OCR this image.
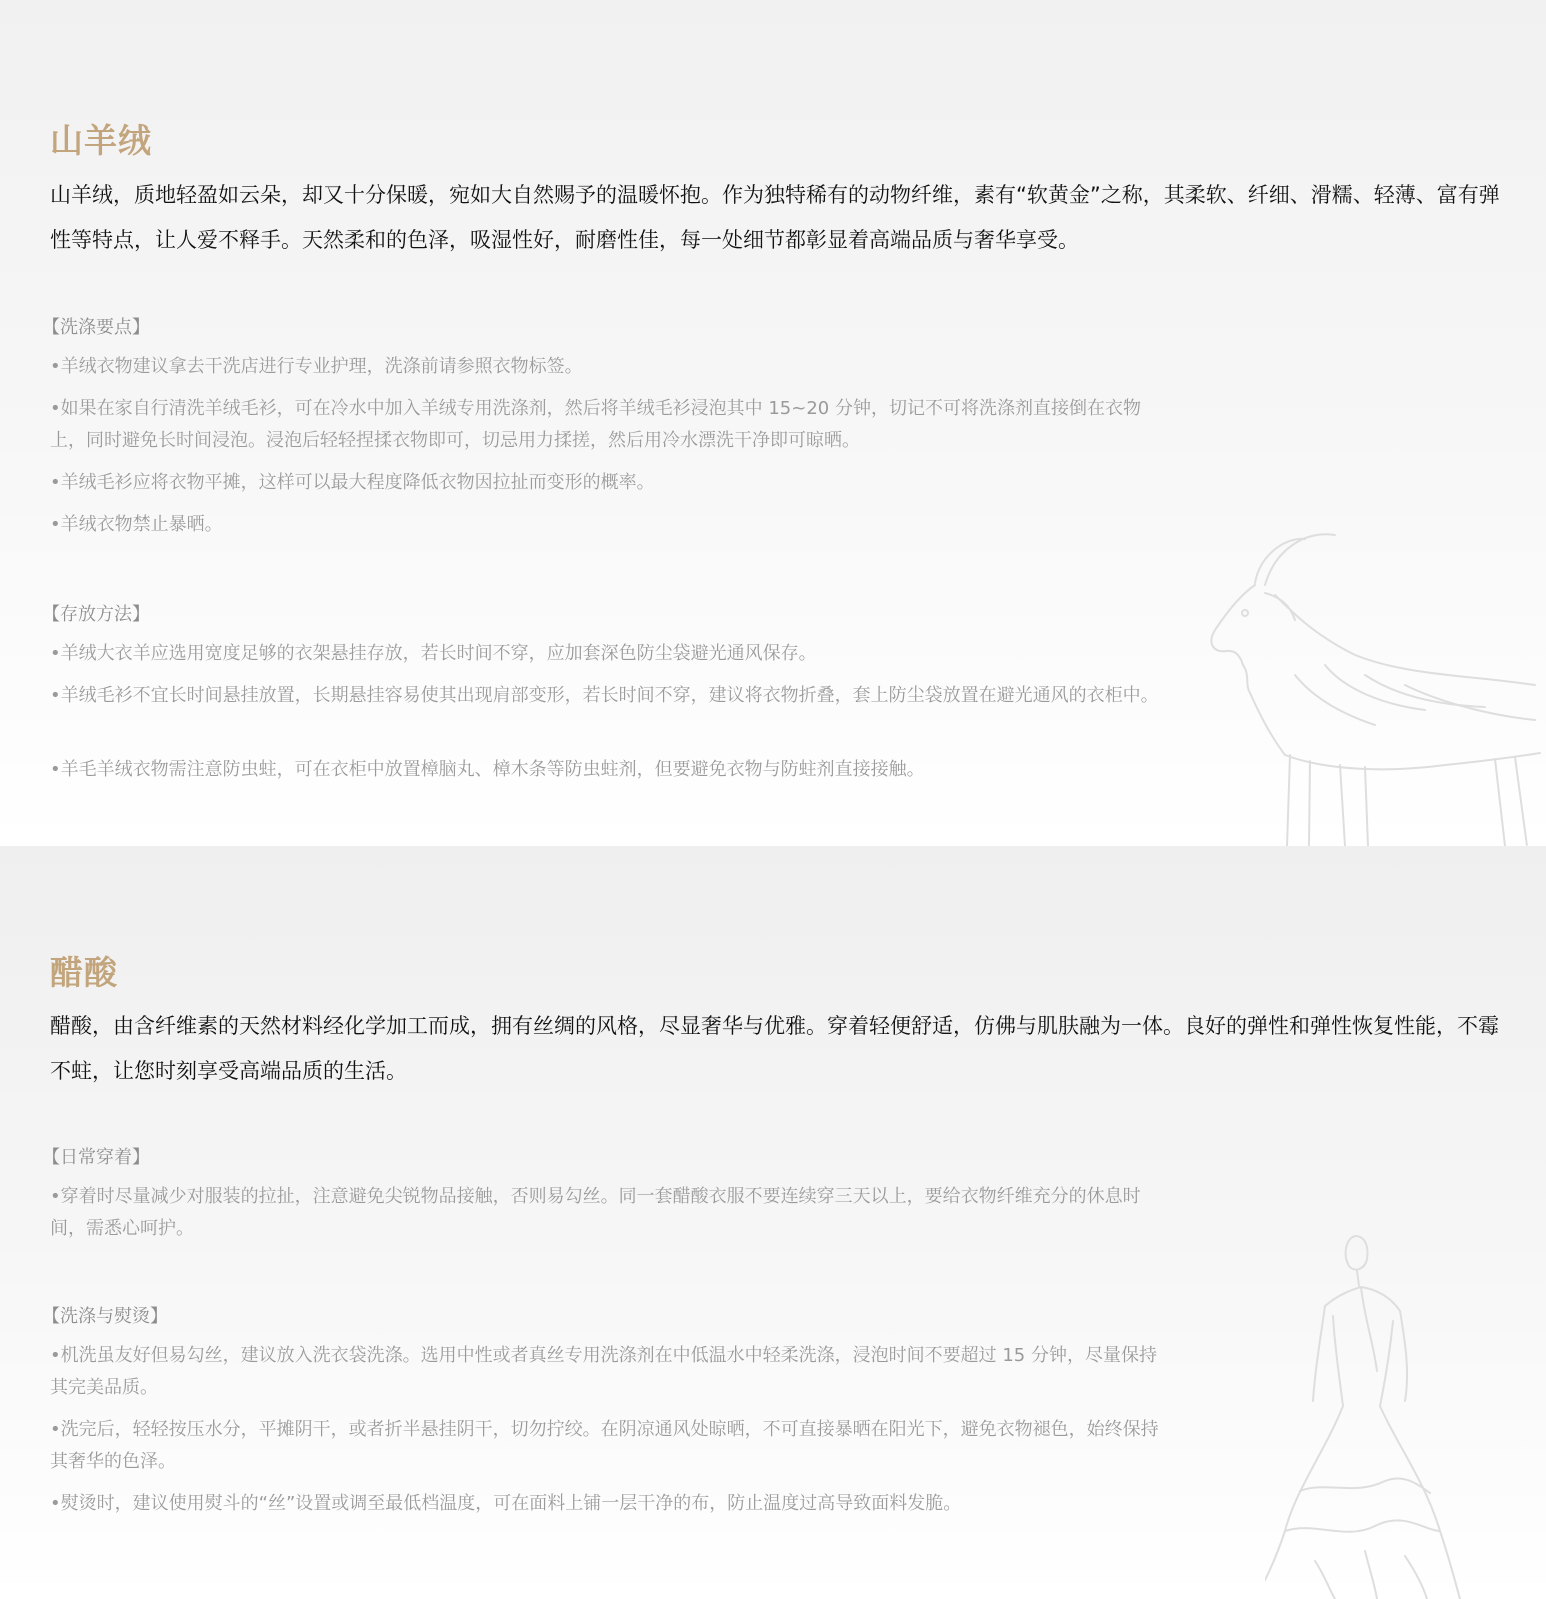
山羊绒
山羊绒，质地轻盈如云朵，却又十分保暖，宛如大自然赐予的温暖怀抱。作为独特稀有的动物纤维，素有“软黄金”之称，其柔软、纤细、滑糯、轻薄、富有弹性等特点，让人爱不释手。天然柔和的色泽，吸湿性好，耐磨性佳，每一处细节都彰显着高端品质与奢华享受。
【洗涤要点】
• 羊绒衣物建议拿去干洗店进行专业护理，洗涤前请参照衣物标签。
• 如果在家自行清洗羊绒毛衫，可在冷水中加入羊绒专用洗涤剂，然后将羊绒毛衫浸泡其中 15~20 分钟，切记不可将洗涤剂直接倒在衣物上，同时避免长时间浸泡。浸泡后轻轻捏揉衣物即可，切忌用力揉搓，然后用冷水漂洗干净即可晾晒。
• 羊绒毛衫应将衣物平摊，这样可以最大程度降低衣物因拉扯而变形的概率。
• 羊绒衣物禁止暴晒。
【存放方法】
• 羊绒大衣羊应选用宽度足够的衣架悬挂存放，若长时间不穿，应加套深色防尘袋避光通风保存。
• 羊绒毛衫不宜长时间悬挂放置，长期悬挂容易使其出现肩部变形，若长时间不穿，建议将衣物折叠，套上防尘袋放置在避光通风的衣柜中。
• 羊毛羊绒衣物需注意防虫蛀，可在衣柜中放置樟脑丸、樟木条等防虫蛀剂，但要避免衣物与防蛀剂直接接触。
醋酸
醋酸，由含纤维素的天然材料经化学加工而成，拥有丝绸的风格，尽显奢华与优雅。穿着轻便舒适，仿佛与肌肤融为一体。良好的弹性和弹性恢复性能，不霉不蛀，让您时刻享受高端品质的生活。
【日常穿着】
• 穿着时尽量减少对服装的拉扯，注意避免尖锐物品接触，否则易勾丝。同一套醋酸衣服不要连续穿三天以上，要给衣物纤维充分的休息时间，需悉心呵护。
【洗涤与熨烫】
• 机洗虽友好但易勾丝，建议放入洗衣袋洗涤。选用中性或者真丝专用洗涤剂在中低温水中轻柔洗涤，浸泡时间不要超过 15 分钟，尽量保持其完美品质。
• 洗完后，轻轻按压水分，平摊阴干，或者折半悬挂阴干，切勿拧绞。在阴凉通风处晾晒，不可直接暴晒在阳光下，避免衣物褪色，始终保持其奢华的色泽。
• 熨烫时，建议使用熨斗的“丝”设置或调至最低档温度，可在面料上铺一层干净的布，防止温度过高导致面料发脆。
